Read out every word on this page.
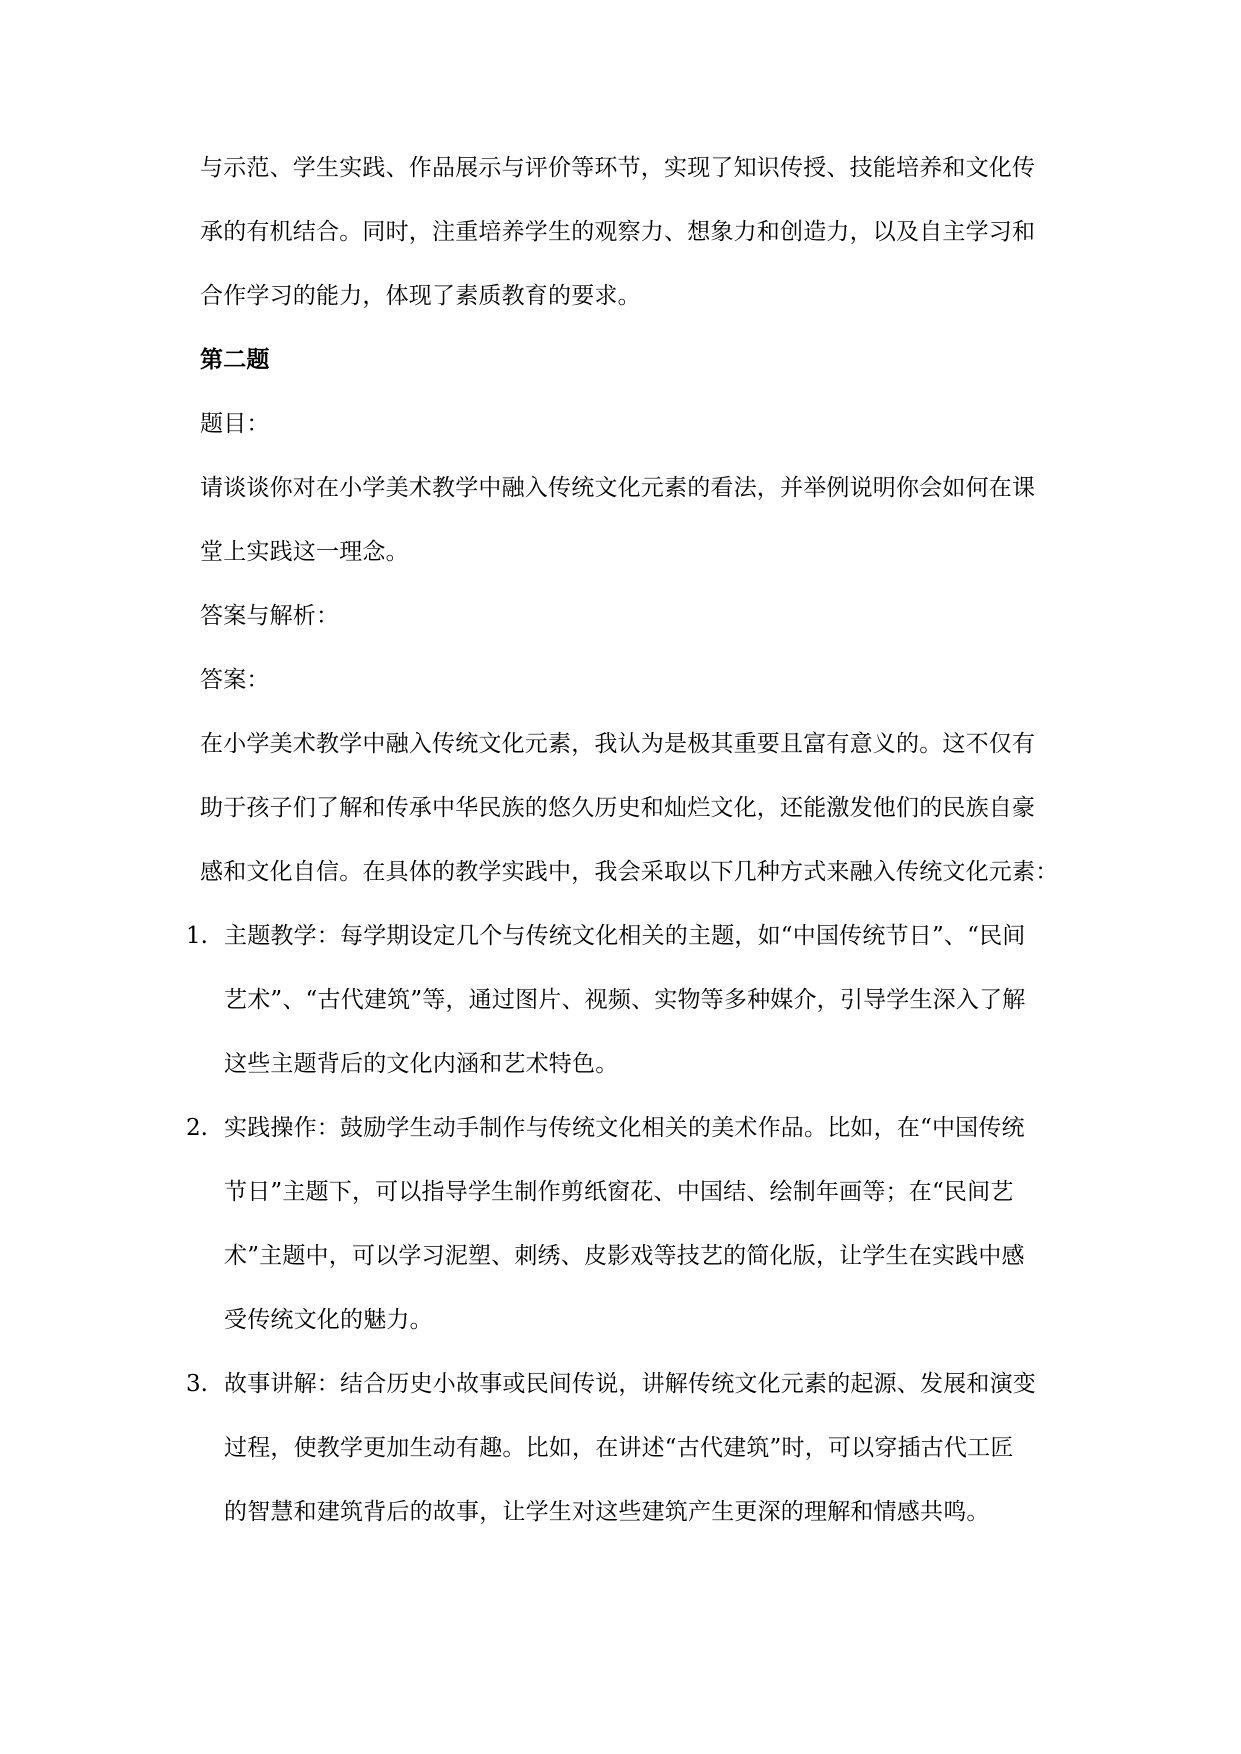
与示范、学生实践、作品展示与评价等环节，实现了知识传授、技能培养和文化传
承的有机结合。同时，注重培养学生的观察力、想象力和创造力，以及自主学习和
合作学习的能力，体现了素质教育的要求。
第二题
题目：
请谈谈你对在小学美术教学中融入传统文化元素的看法，并举例说明你会如何在课
堂上实践这一理念。
答案与解析：
答案：
在小学美术教学中融入传统文化元素，我认为是极其重要且富有意义的。这不仅有
助于孩子们了解和传承中华民族的悠久历史和灿烂文化，还能激发他们的民族自豪
感和文化自信。在具体的教学实践中，我会采取以下几种方式来融入传统文化元素：
1. 主题教学：每学期设定几个与传统文化相关的主题，如“中国传统节日”、“民间
艺术”、“古代建筑”等，通过图片、视频、实物等多种媒介，引导学生深入了解
这些主题背后的文化内涵和艺术特色。
2. 实践操作：鼓励学生动手制作与传统文化相关的美术作品。比如，在“中国传统
节日”主题下，可以指导学生制作剪纸窗花、中国结、绘制年画等；在“民间艺
术”主题中，可以学习泥塑、刺绣、皮影戏等技艺的简化版，让学生在实践中感
受传统文化的魅力。
3. 故事讲解：结合历史小故事或民间传说，讲解传统文化元素的起源、发展和演变
过程，使教学更加生动有趣。比如，在讲述“古代建筑”时，可以穿插古代工匠
的智慧和建筑背后的故事，让学生对这些建筑产生更深的理解和情感共鸣。
